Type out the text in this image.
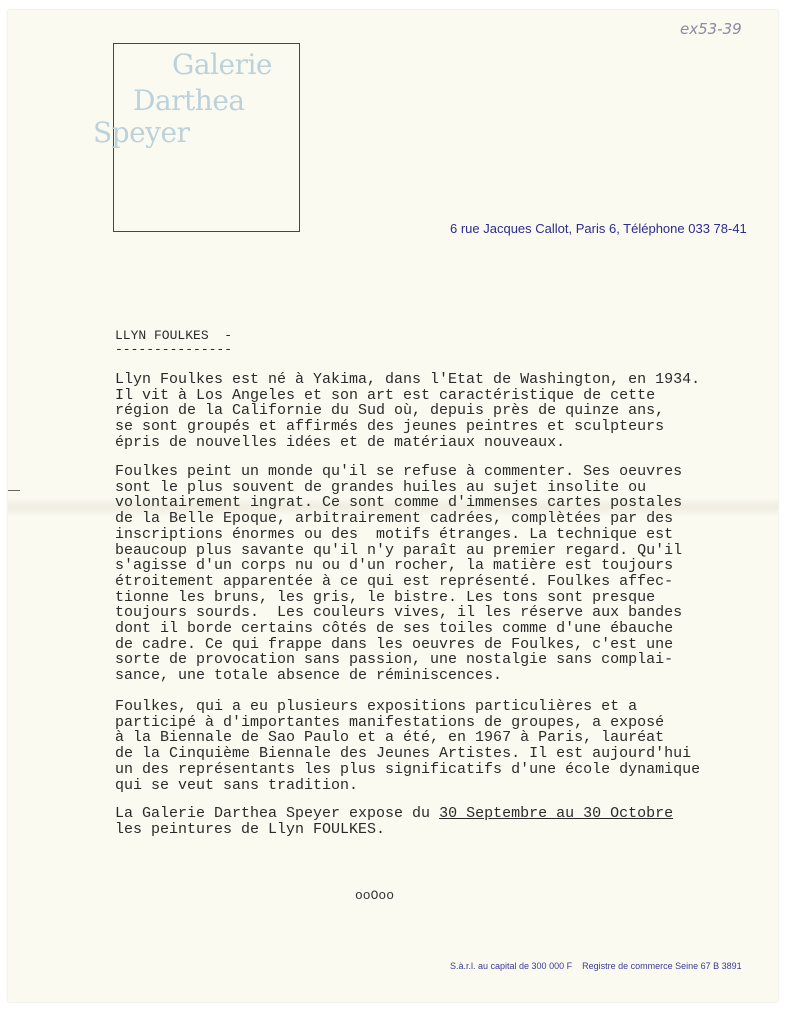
ex53-39
Galerie
Darthea
Speyer
6 rue Jacques Callot, Paris 6, Téléphone 033 78-41
LLYN FOULKES  -
---------------
Llyn Foulkes est né à Yakima, dans l'Etat de Washington, en 1934.
Il vit à Los Angeles et son art est caractéristique de cette
région de la Californie du Sud où, depuis près de quinze ans,
se sont groupés et affirmés des jeunes peintres et sculpteurs
épris de nouvelles idées et de matériaux nouveaux.
Foulkes peint un monde qu'il se refuse à commenter. Ses oeuvres
sont le plus souvent de grandes huiles au sujet insolite ou
volontairement ingrat. Ce sont comme d'immenses cartes postales
de la Belle Epoque, arbitrairement cadrées, complètées par des
inscriptions énormes ou des  motifs étranges. La technique est
beaucoup plus savante qu'il n'y paraît au premier regard. Qu'il
s'agisse d'un corps nu ou d'un rocher, la matière est toujours
étroitement apparentée à ce qui est représenté. Foulkes affec-
tionne les bruns, les gris, le bistre. Les tons sont presque
toujours sourds.  Les couleurs vives, il les réserve aux bandes
dont il borde certains côtés de ses toiles comme d'une ébauche
de cadre. Ce qui frappe dans les oeuvres de Foulkes, c'est une
sorte de provocation sans passion, une nostalgie sans complai-
sance, une totale absence de réminiscences.
Foulkes, qui a eu plusieurs expositions particulières et a
participé à d'importantes manifestations de groupes, a exposé
à la Biennale de Sao Paulo et a été, en 1967 à Paris, lauréat
de la Cinquième Biennale des Jeunes Artistes. Il est aujourd'hui
un des représentants les plus significatifs d'une école dynamique
qui se veut sans tradition.
La Galerie Darthea Speyer expose du 30 Septembre au 30 Octobre
les peintures de Llyn FOULKES.
ooOoo
S.à.r.l. au capital de 300 000 F    Registre de commerce Seine 67 B 3891
